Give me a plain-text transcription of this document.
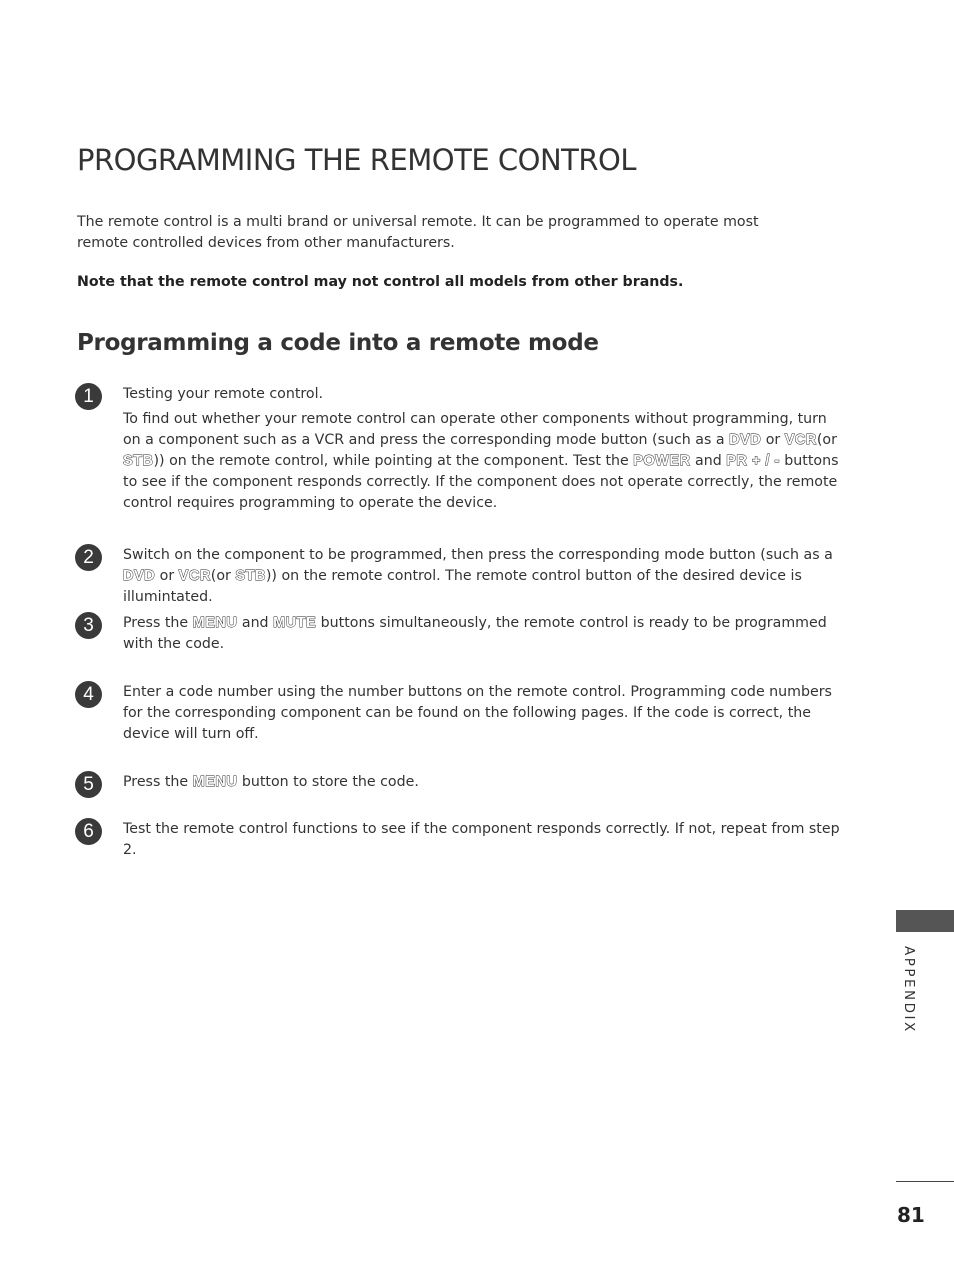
PROGRAMMING THE REMOTE CONTROL

The remote control is a multi brand or universal remote. It can be programmed to operate most remote controlled devices from other manufacturers.

Note that the remote control may not control all models from other brands.

Programming a code into a remote mode
1	Testing your remote control.

To find out whether your remote control can operate other components without programming, turn on a component such as a VCR and press the corresponding mode button (such as a DVD or VCR(or STB)) on the remote control, while pointing at the component. Test the POWER and PR + / - buttons to see if the component responds correctly. If the component does not operate correctly, the remote control requires programming to operate the device.

2	Switch on the component to be programmed, then press the corresponding mode button (such as a DVD or VCR(or STB)) on the remote control. The remote control button of the desired device is illumintated.

3	Press the MENU and MUTE buttons simultaneously, the remote control is ready to be programmed with the code.

4	Enter a code number using the number buttons on the remote control. Programming code numbers for the corresponding component can be found on the following pages. If the code is correct, the device will turn off.

5	Press the MENU button to store the code.

6	Test the remote control functions to see if the component responds correctly. If not, repeat from step 2.

APPENDIX
81
